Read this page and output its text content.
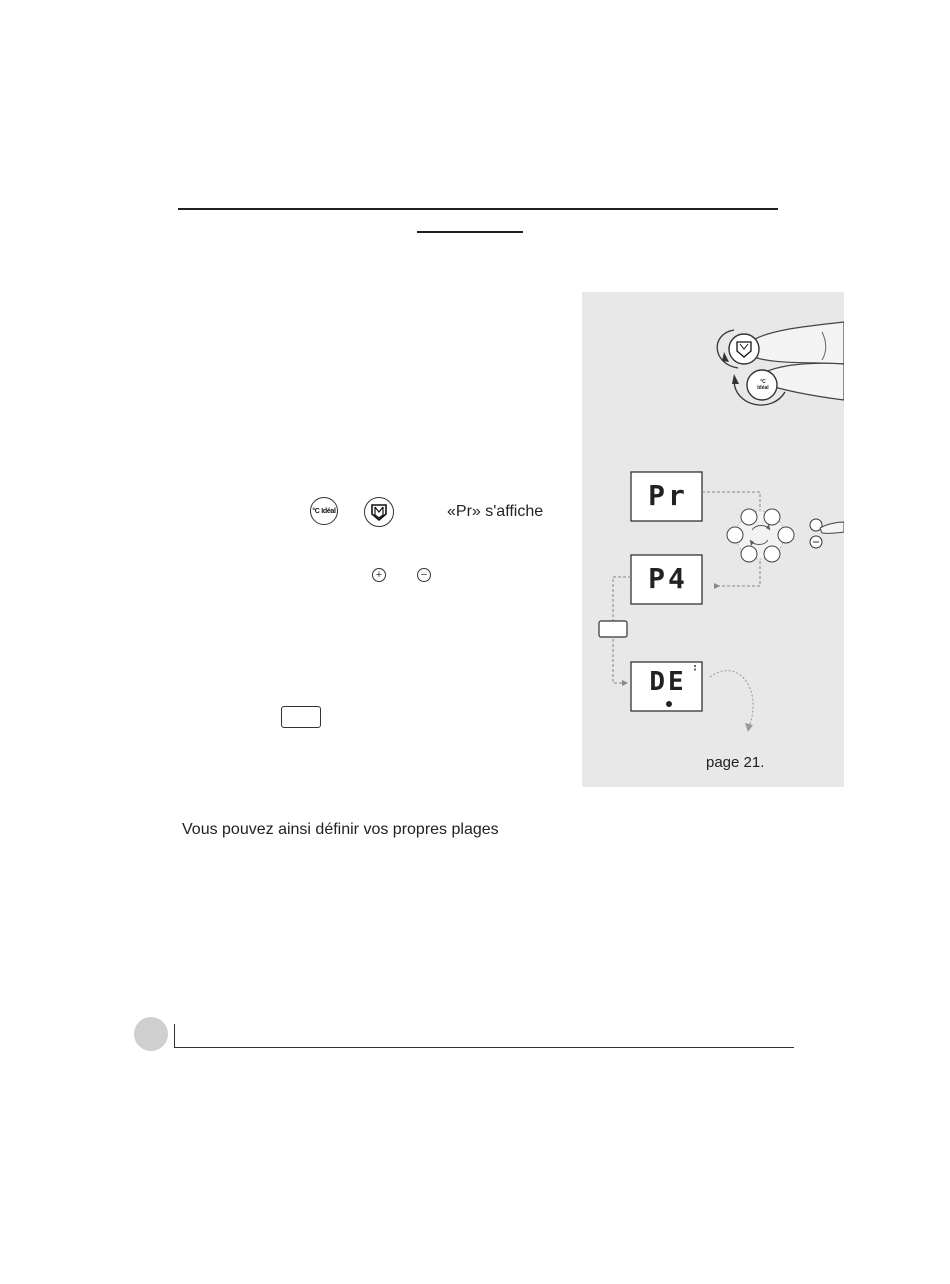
°C Idéal	«Pr» s'affiche
+	−
°C Idéal
Pr
P4
DE
page 21.
Vous pouvez ainsi définir vos propres plages
